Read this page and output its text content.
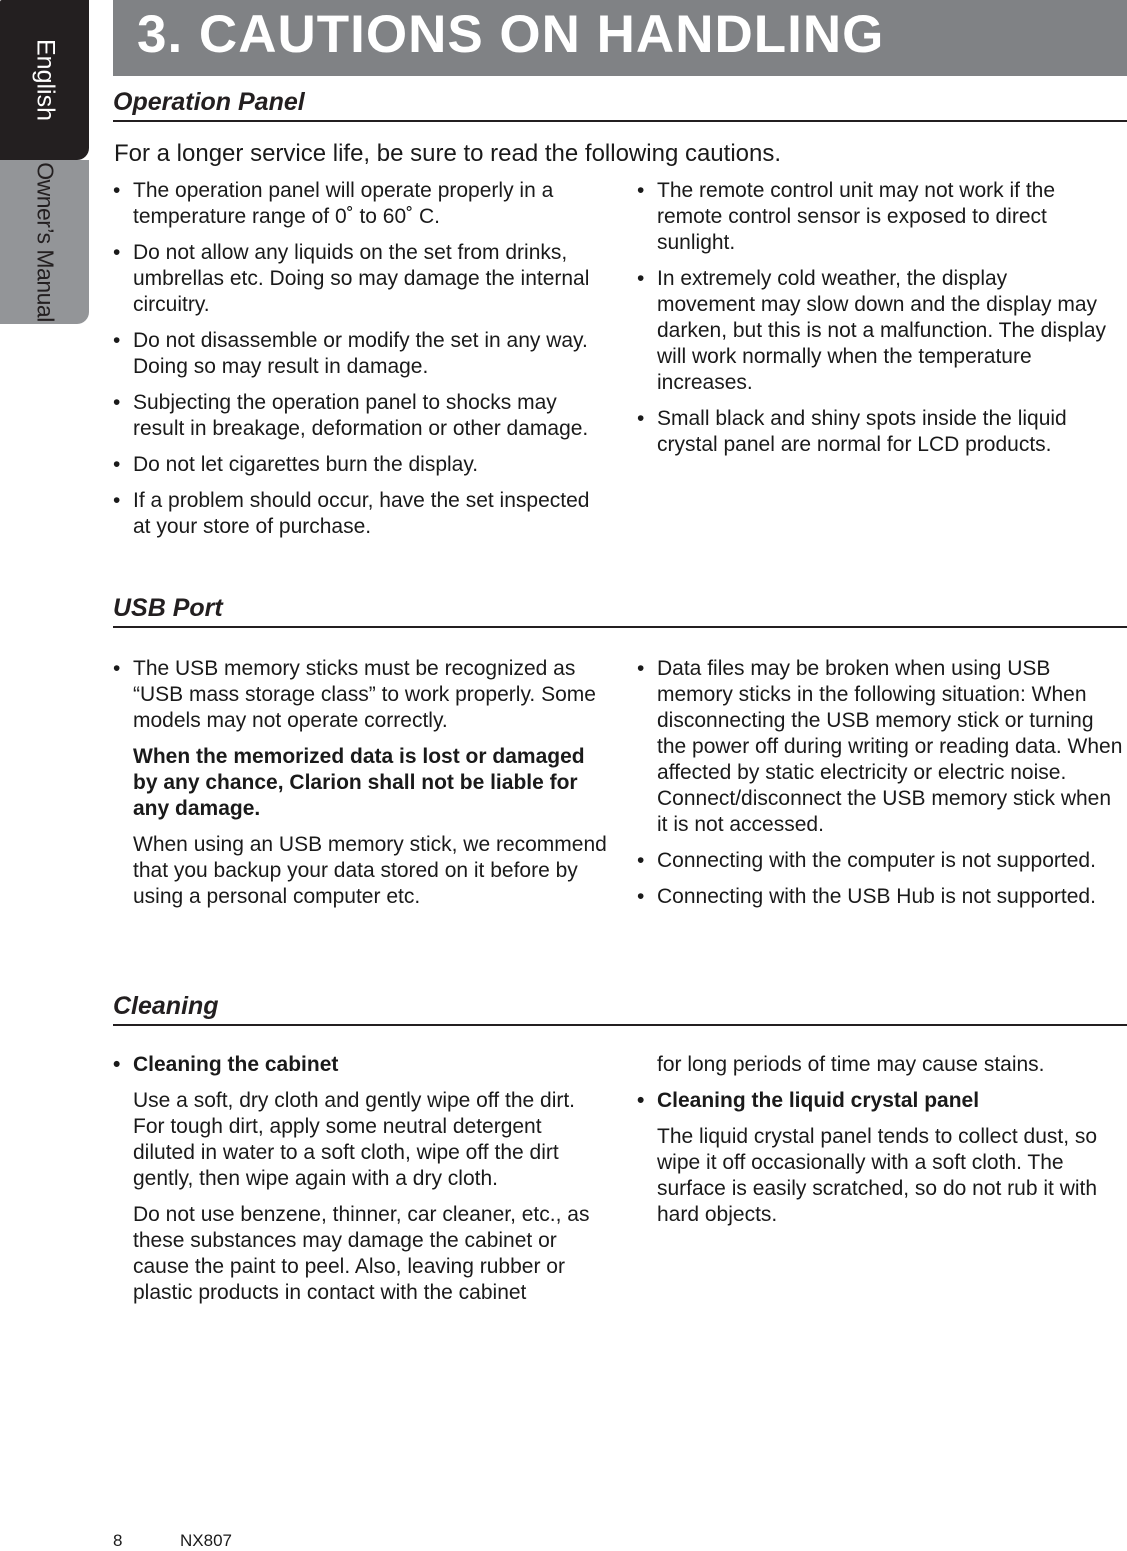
English
Owner’s Manual
3. CAUTIONS ON HANDLING
Operation Panel

For a longer service life, be sure to read the following cautions.

• The operation panel will operate properly in a temperature range of 0˚ to 60˚ C.

• Do not allow any liquids on the set from drinks, umbrellas etc. Doing so may damage the internal circuitry.

• Do not disassemble or modify the set in any way. Doing so may result in damage.

• Subjecting the operation panel to shocks may result in breakage, deformation or other damage.

• Do not let cigarettes burn the display.

• If a problem should occur, have the set inspected at your store of purchase.

• The remote control unit may not work if the remote control sensor is exposed to direct sunlight.

• In extremely cold weather, the display movement may slow down and the display may darken, but this is not a malfunction. The display will work normally when the temperature increases.

• Small black and shiny spots inside the liquid crystal panel are normal for LCD products.

USB Port

• The USB memory sticks must be recognized as “USB mass storage class” to work properly. Some models may not operate correctly.

When the memorized data is lost or damaged by any chance, Clarion shall not be liable for any damage.

When using an USB memory stick, we recommend that you backup your data stored on it before by using a personal computer etc.

• Data files may be broken when using USB memory sticks in the following situation: When disconnecting the USB memory stick or turning the power off during writing or reading data. When affected by static electricity or electric noise. Connect/disconnect the USB memory stick when it is not accessed.

• Connecting with the computer is not supported.

• Connecting with the USB Hub is not supported.

Cleaning

• Cleaning the cabinet

Use a soft, dry cloth and gently wipe off the dirt. For tough dirt, apply some neutral detergent diluted in water to a soft cloth, wipe off the dirt gently, then wipe again with a dry cloth.

Do not use benzene, thinner, car cleaner, etc., as these substances may damage the cabinet or cause the paint to peel. Also, leaving rubber or plastic products in contact with the cabinet

for long periods of time may cause stains.

• Cleaning the liquid crystal panel

The liquid crystal panel tends to collect dust, so wipe it off occasionally with a soft cloth. The surface is easily scratched, so do not rub it with hard objects.

8	NX807
